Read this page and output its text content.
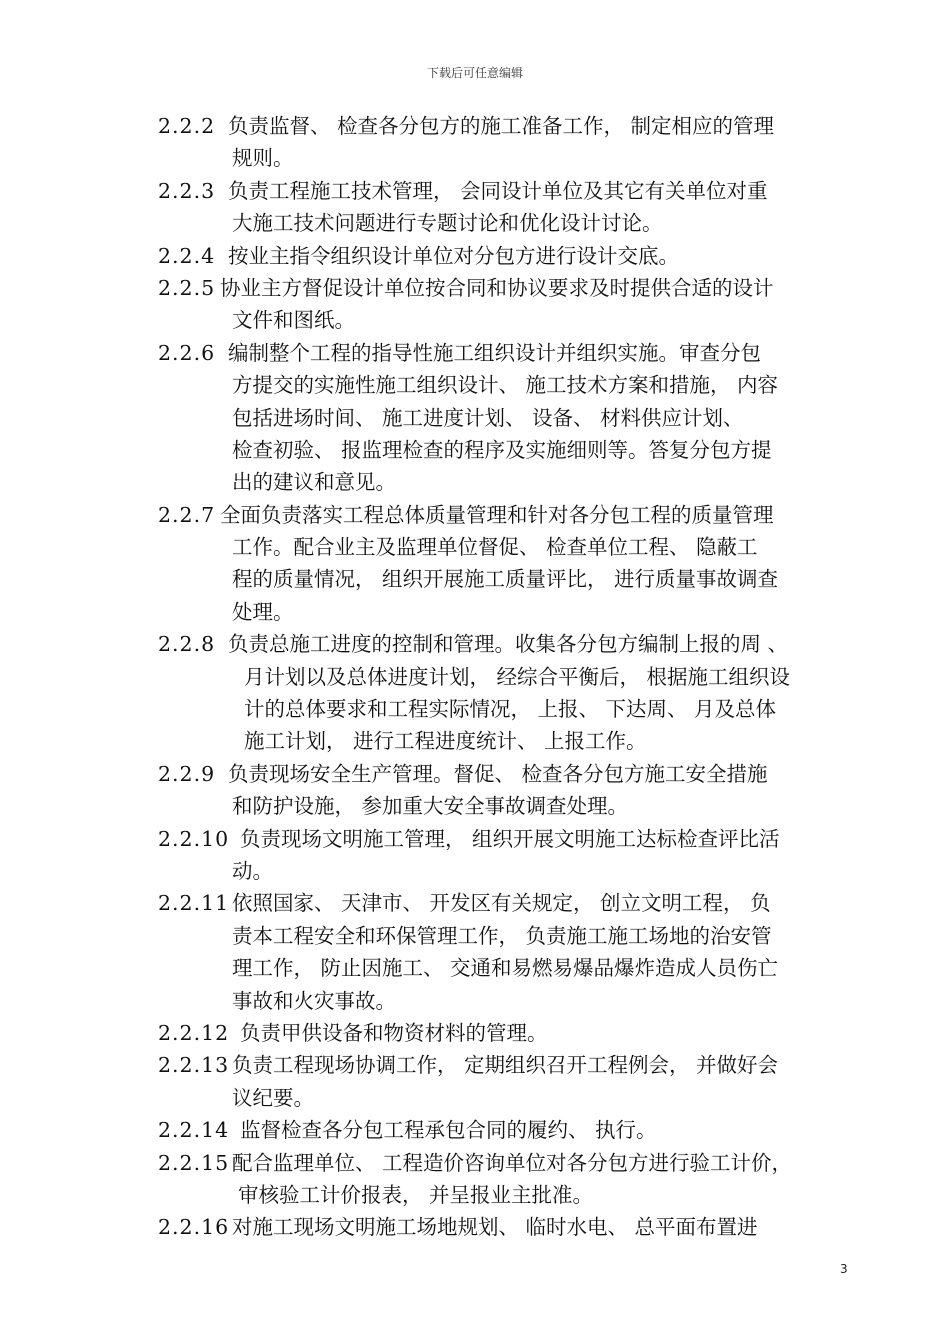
下载后可任意编辑
2.2.2 负责监督、 检查各分包方的施工准备工作， 制定相应的管理
规则。
2.2.3 负责工程施工技术管理， 会同设计单位及其它有关单位对重
大施工技术问题进行专题讨论和优化设计讨论。
2.2.4 按业主指令组织设计单位对分包方进行设计交底。
2.2.5 协业主方督促设计单位按合同和协议要求及时提供合适的设计
文件和图纸。
2.2.6 编制整个工程的指导性施工组织设计并组织实施。审查分包
方提交的实施性施工组织设计、 施工技术方案和措施， 内容
包括进场时间、 施工进度计划、 设备、 材料供应计划、
检查初验、 报监理检查的程序及实施细则等。答复分包方提
出的建议和意见。
2.2.7 全面负责落实工程总体质量管理和针对各分包工程的质量管理
工作。配合业主及监理单位督促、 检查单位工程、 隐蔽工
程的质量情况， 组织开展施工质量评比， 进行质量事故调查
处理。
2.2.8 负责总施工进度的控制和管理。收集各分包方编制上报的周 、
月计划以及总体进度计划， 经综合平衡后， 根据施工组织设
计的总体要求和工程实际情况， 上报、 下达周、 月及总体
施工计划， 进行工程进度统计、 上报工作。
2.2.9 负责现场安全生产管理。督促、 检查各分包方施工安全措施
和防护设施， 参加重大安全事故调查处理。
2.2.10 负责现场文明施工管理， 组织开展文明施工达标检查评比活
动。
2.2.11 依照国家、 天津市、 开发区有关规定， 创立文明工程， 负
责本工程安全和环保管理工作， 负责施工施工场地的治安管
理工作， 防止因施工、 交通和易燃易爆品爆炸造成人员伤亡
事故和火灾事故。
2.2.12 负责甲供设备和物资材料的管理。
2.2.13 负责工程现场协调工作， 定期组织召开工程例会， 并做好会
议纪要。
2.2.14 监督检查各分包工程承包合同的履约、 执行。
2.2.15 配合监理单位、 工程造价咨询单位对各分包方进行验工计价，
审核验工计价报表， 并呈报业主批准。
2.2.16 对施工现场文明施工场地规划、 临时水电、 总平面布置进
3
